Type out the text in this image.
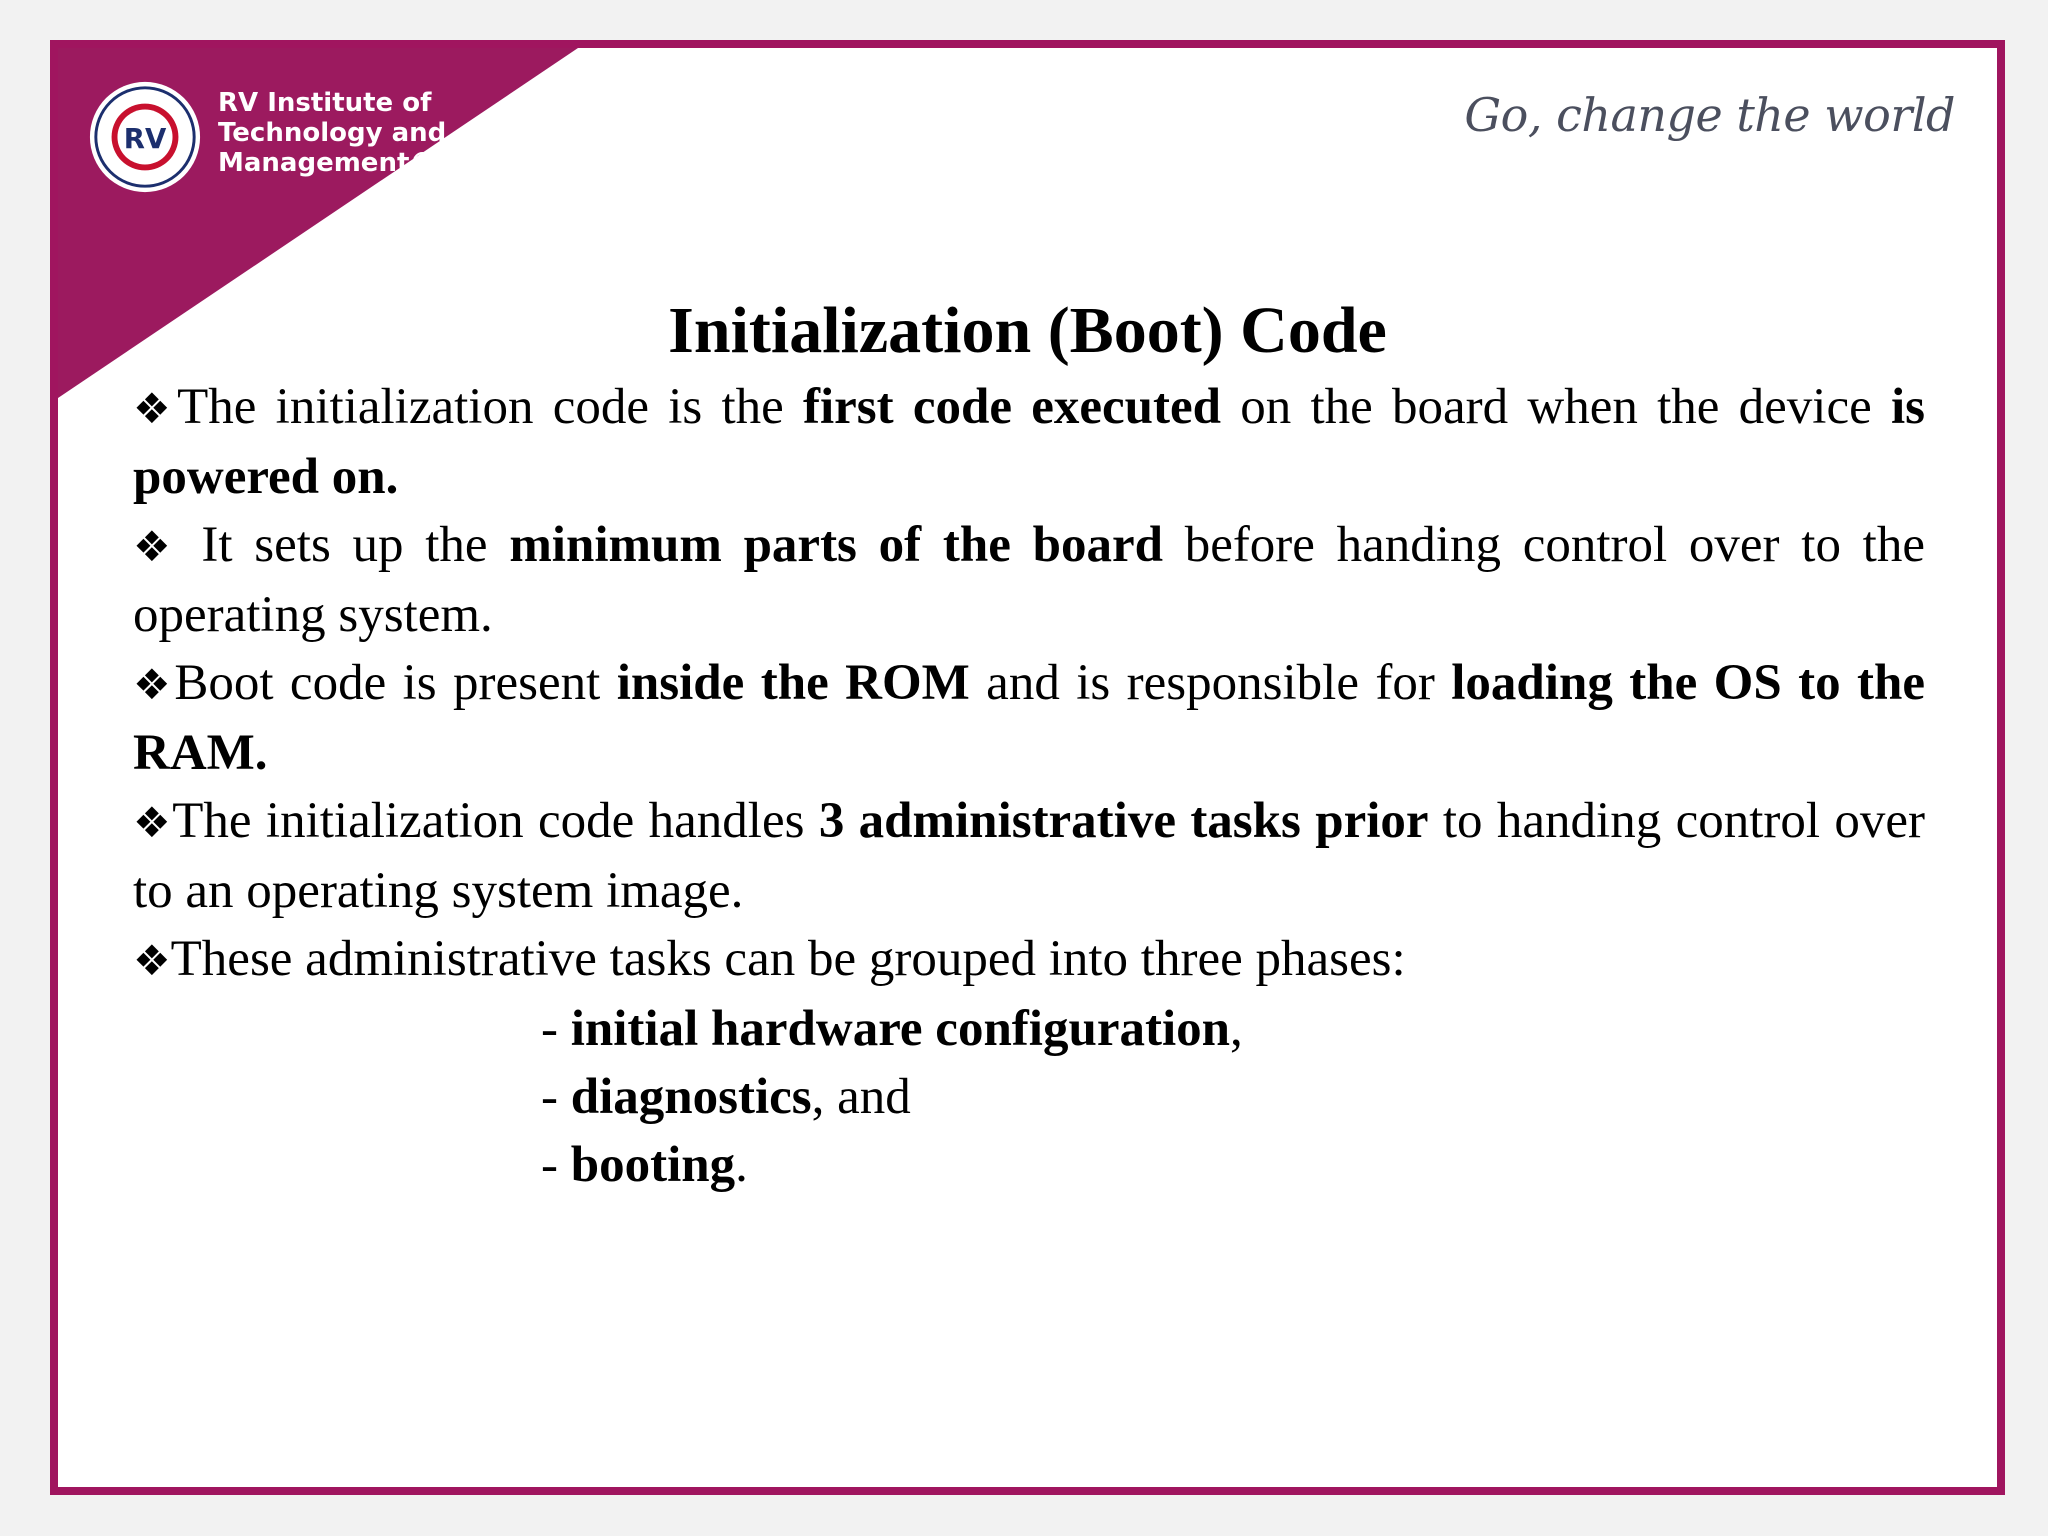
RV
RV Institute of
Technology and
Management®
Go, change the world
Initialization (Boot) Code

❖The initialization code is the first code executed on the board when the device is powered on.

❖ It sets up the minimum parts of the board before handing control over to the operating system.

❖Boot code is present inside the ROM and is responsible for loading the OS to the RAM.

❖The initialization code handles 3 administrative tasks prior to handing control over to an operating system image.

❖These administrative tasks can be grouped into three phases:

- initial hardware configuration,
- diagnostics, and
- booting.
